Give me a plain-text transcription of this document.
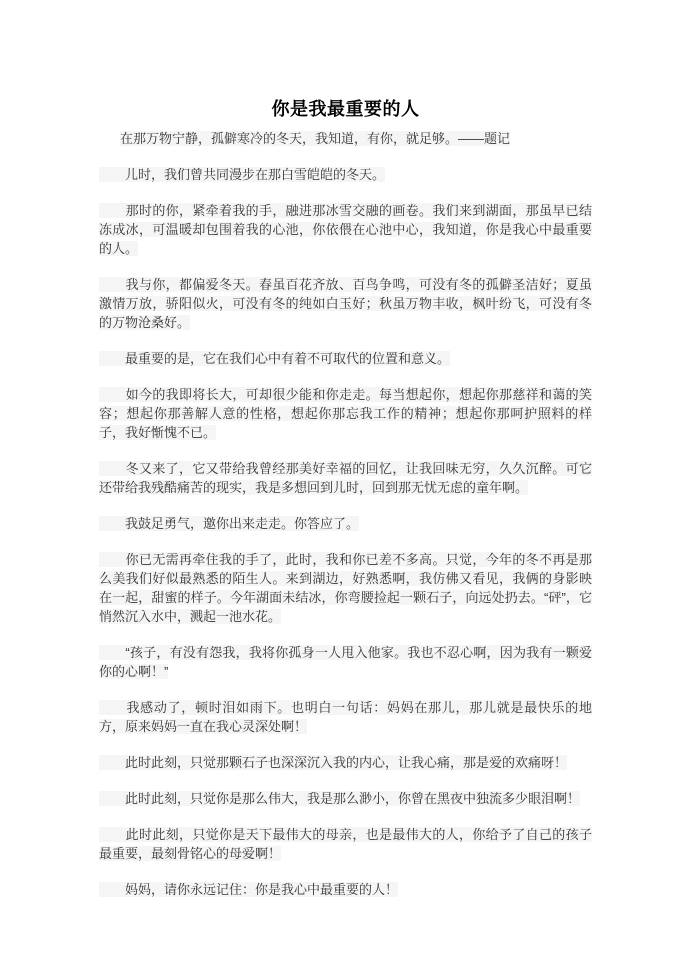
你是我最重要的人

在那万物宁静，孤僻寒冷的冬天，我知道，有你，就足够。——题记

儿时，我们曾共同漫步在那白雪皑皑的冬天。

那时的你，紧牵着我的手，融进那冰雪交融的画卷。我们来到湖面，那虽早已结冻成冰，可温暖却包围着我的心池，你依偎在心池中心，我知道，你是我心中最重要的人。

我与你，都偏爱冬天。春虽百花齐放、百鸟争鸣，可没有冬的孤僻圣洁好；夏虽激情万放，骄阳似火，可没有冬的纯如白玉好；秋虽万物丰收，枫叶纷飞，可没有冬的万物沧桑好。

最重要的是，它在我们心中有着不可取代的位置和意义。

如今的我即将长大，可却很少能和你走走。每当想起你，想起你那慈祥和蔼的笑容；想起你那善解人意的性格，想起你那忘我工作的精神；想起你那呵护照料的样子，我好惭愧不已。

冬又来了，它又带给我曾经那美好幸福的回忆，让我回味无穷，久久沉醉。可它还带给我残酷痛苦的现实，我是多想回到儿时，回到那无忧无虑的童年啊。

我鼓足勇气，邀你出来走走。你答应了。

你已无需再牵住我的手了，此时，我和你已差不多高。只觉，今年的冬不再是那么美我们好似最熟悉的陌生人。来到湖边，好熟悉啊，我仿佛又看见，我俩的身影映在一起，甜蜜的样子。今年湖面未结冰，你弯腰捡起一颗石子，向远处扔去。“砰”，它悄然沉入水中，溅起一池水花。

“孩子，有没有怨我，我将你孤身一人甩入他家。我也不忍心啊，因为我有一颗爱你的心啊！”

我感动了，顿时泪如雨下。也明白一句话：妈妈在那儿，那儿就是最快乐的地方，原来妈妈一直在我心灵深处啊！

此时此刻，只觉那颗石子也深深沉入我的内心，让我心痛，那是爱的欢痛呀！

此时此刻，只觉你是那么伟大，我是那么渺小，你曾在黑夜中独流多少眼泪啊！

此时此刻，只觉你是天下最伟大的母亲，也是最伟大的人，你给予了自己的孩子最重要，最刻骨铭心的母爱啊！

妈妈，请你永远记住：你是我心中最重要的人！
